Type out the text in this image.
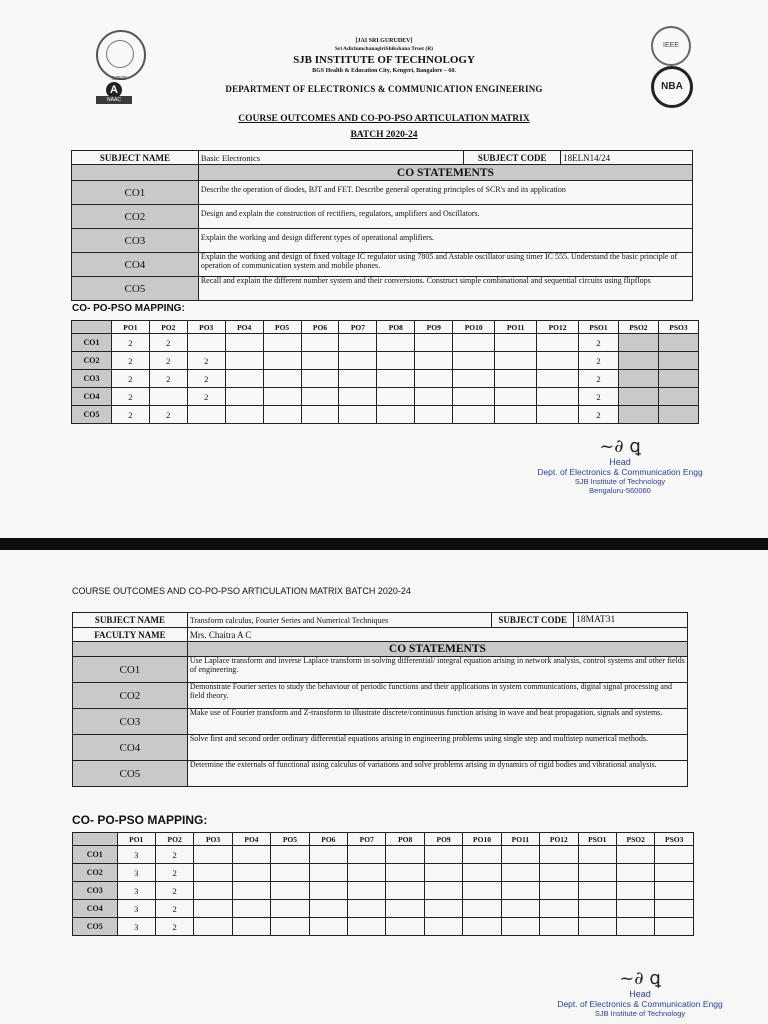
SJBIT
A
NAAC
IEEE
NBA
[JAI SRI GURUDEV]
Sri AdichunchanagiriShikshana Trust (R)
SJB INSTITUTE OF TECHNOLOGY
BGS Health & Education City, Kengeri, Bangalore – 60.
DEPARTMENT OF ELECTRONICS & COMMUNICATION ENGINEERING
COURSE OUTCOMES AND CO-PO-PSO ARTICULATION MATRIX
BATCH 2020-24
SUBJECT NAME	Basic Electronics	SUBJECT CODE	18ELN14/24
	CO STATEMENTS		
CO1	Describe the operation of diodes, BJT and FET. Describe general operating principles of SCR's and its application		
CO2	Design and explain the construction of rectifiers, regulators, amplifiers and Oscillators.		
CO3	Explain the working and design different types of operational amplifiers.		
CO4	Explain the working and design of fixed voltage IC regulator using 7805 and Astable oscillator using timer IC 555. Understand the basic principle of operation of communication system and mobile phones.		
CO5	Recall and explain the different number system and their conversions. Construct simple combinational and sequential circuits using flipflops		
CO- PO-PSO MAPPING:
	PO1	PO2	PO3	PO4	PO5	PO6	PO7	PO8	PO9	PO10	PO11	PO12	PSO1	PSO2	PSO3
CO1	2	2											2		
CO2	2	2	2										2		
CO3	2	2	2										2		
CO4	2		2										2		
CO5	2	2											2		
~∂ ꝗ
Head
Dept. of Electronics & Communication Engg
SJB Institute of Technology
Bengaluru-560060
COURSE OUTCOMES AND CO-PO-PSO ARTICULATION MATRIX BATCH 2020-24
SUBJECT NAME	Transform calculus, Fourier Series and Numerical Techniques	SUBJECT CODE	18MAT31
FACULTY NAME	Mrs. Chaitra A C		
	CO STATEMENTS		
CO1	Use Laplace transform and inverse Laplace transform in solving differential/ integral equation arising in network analysis, control systems and other fields of engineering.		
CO2	Demonstrate Fourier series to study the behaviour of periodic functions and their applications in system communications, digital signal processing and field theory.		
CO3	Make use of Fourier transform and Z-transform to illustrate discrete/continuous function arising in wave and heat propagation, signals and systems.		
CO4	Solve first and second order ordinary differential equations arising in engineering problems using single step and multistep numerical methods.		
CO5	Determine the externals of functional using calculus of variations and solve problems arising in dynamics of rigid bodies and vibrational analysis.		
CO- PO-PSO MAPPING:
	PO1	PO2	PO3	PO4	PO5	PO6	PO7	PO8	PO9	PO10	PO11	PO12	PSO1	PSO2	PSO3
CO1	3	2													
CO2	3	2													
CO3	3	2													
CO4	3	2													
CO5	3	2													
~∂ ꝗ
Head
Dept. of Electronics & Communication Engg
SJB Institute of Technology
